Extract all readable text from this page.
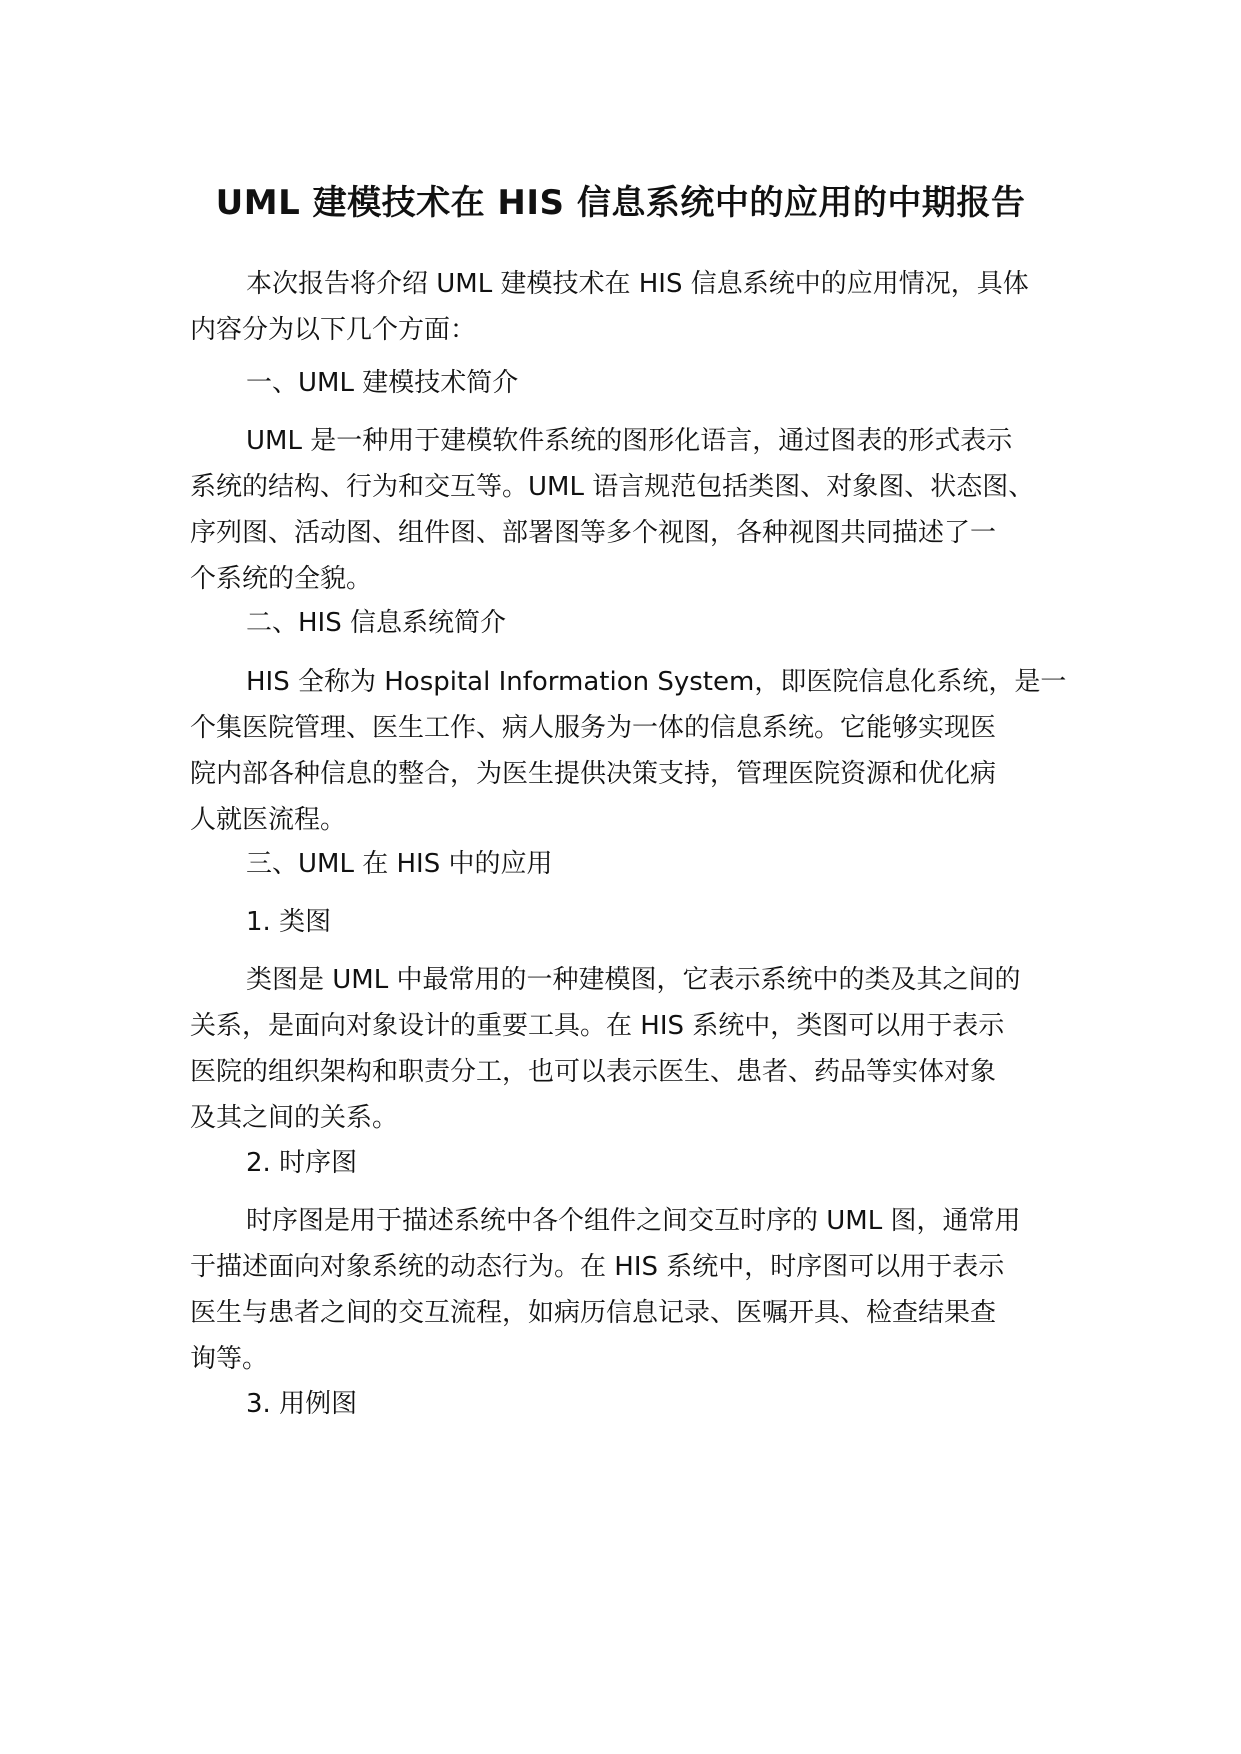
UML 建模技术在 HIS 信息系统中的应用的中期报告
本次报告将介绍 UML 建模技术在 HIS 信息系统中的应用情况，具体
内容分为以下几个方面：
一、UML 建模技术简介
UML 是一种用于建模软件系统的图形化语言，通过图表的形式表示
系统的结构、行为和交互等。UML 语言规范包括类图、对象图、状态图、
序列图、活动图、组件图、部署图等多个视图，各种视图共同描述了一
个系统的全貌。
二、HIS 信息系统简介
HIS 全称为 Hospital Information System，即医院信息化系统，是一
个集医院管理、医生工作、病人服务为一体的信息系统。它能够实现医
院内部各种信息的整合，为医生提供决策支持，管理医院资源和优化病
人就医流程。
三、UML 在 HIS 中的应用
1. 类图
类图是 UML 中最常用的一种建模图，它表示系统中的类及其之间的
关系，是面向对象设计的重要工具。在 HIS 系统中，类图可以用于表示
医院的组织架构和职责分工，也可以表示医生、患者、药品等实体对象
及其之间的关系。
2. 时序图
时序图是用于描述系统中各个组件之间交互时序的 UML 图，通常用
于描述面向对象系统的动态行为。在 HIS 系统中，时序图可以用于表示
医生与患者之间的交互流程，如病历信息记录、医嘱开具、检查结果查
询等。
3. 用例图
